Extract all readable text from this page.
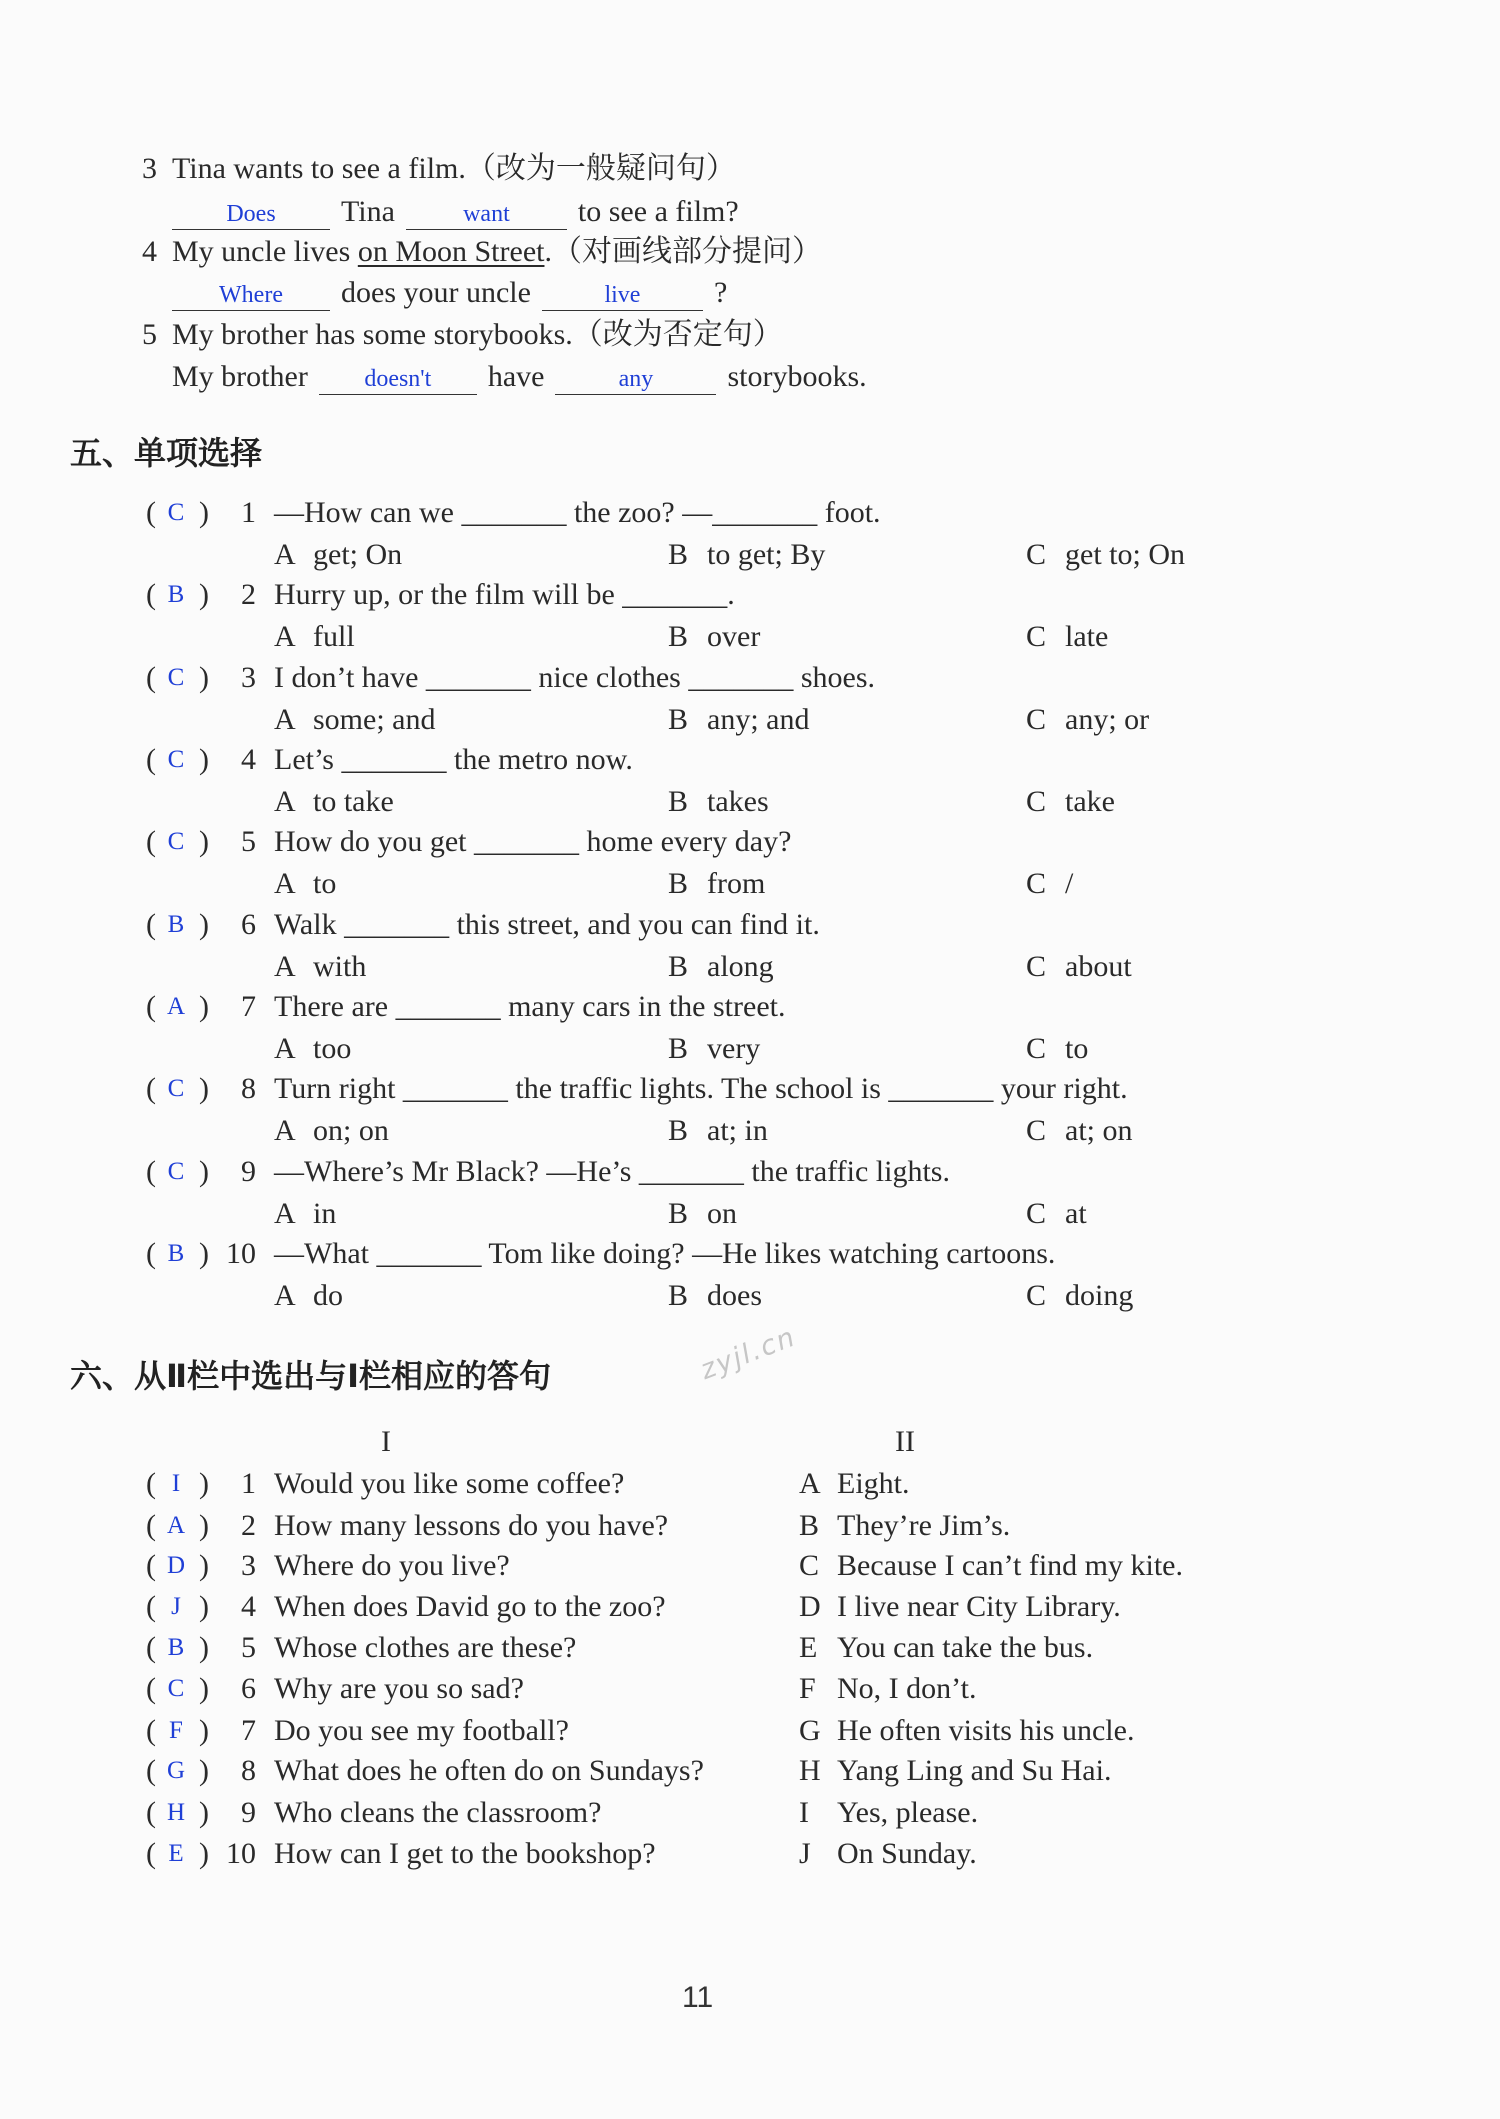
3 Tina wants to see a film.（改为一般疑问句）
Does Tina	want to see a film?
4 My uncle lives on Moon Street.（对画线部分提问）
Where does your uncle	live ?
5 My brother has some storybooks.（改为否定句）
My brother doesn't have	any storybooks.
五、单项选择
( C )	1 —How can we _______ the zoo? —_______ foot.
A get; On	B to get; By	C get to; On
( B )	2 Hurry up, or the film will be _______.
A full	B over	C late
( C )	3 I don’t have _______ nice clothes _______ shoes.
A some; and	B any; and	C any; or
( C )	4 Let’s _______ the metro now.
A to take	B takes	C take
( C )	5 How do you get _______ home every day?
A to	B from	C /
( B )	6 Walk _______ this street, and you can find it.
A with	B along	C about
( A )	7 There are _______ many cars in the street.
A too	B very	C to
( C )	8 Turn right _______ the traffic lights. The school is _______ your right.
A on; on	B at; in	C at; on
( C )	9 —Where’s Mr Black? —He’s _______ the traffic lights.
A in	B on	C at
( B ) 10 —What _______ Tom like doing? —He likes watching cartoons.
A do	B does	C doing
六、从Ⅱ栏中选出与Ⅰ栏相应的答句	zyjl.cn
I	II
( I )	1 Would you like some coffee?	A Eight.
( A )	2 How many lessons do you have?	B They’re Jim’s.
( D )	3 Where do you live?	C Because I can’t find my kite.
( J )	4 When does David go to the zoo?	D I live near City Library.
( B )	5 Whose clothes are these?	E You can take the bus.
( C )	6 Why are you so sad?	F No, I don’t.
( F )	7 Do you see my football?	G He often visits his uncle.
( G )	8 What does he often do on Sundays?	H Yang Ling and Su Hai.
( H )	9 Who cleans the classroom?	I Yes, please.
( E ) 10 How can I get to the bookshop?	J On Sunday.
11
